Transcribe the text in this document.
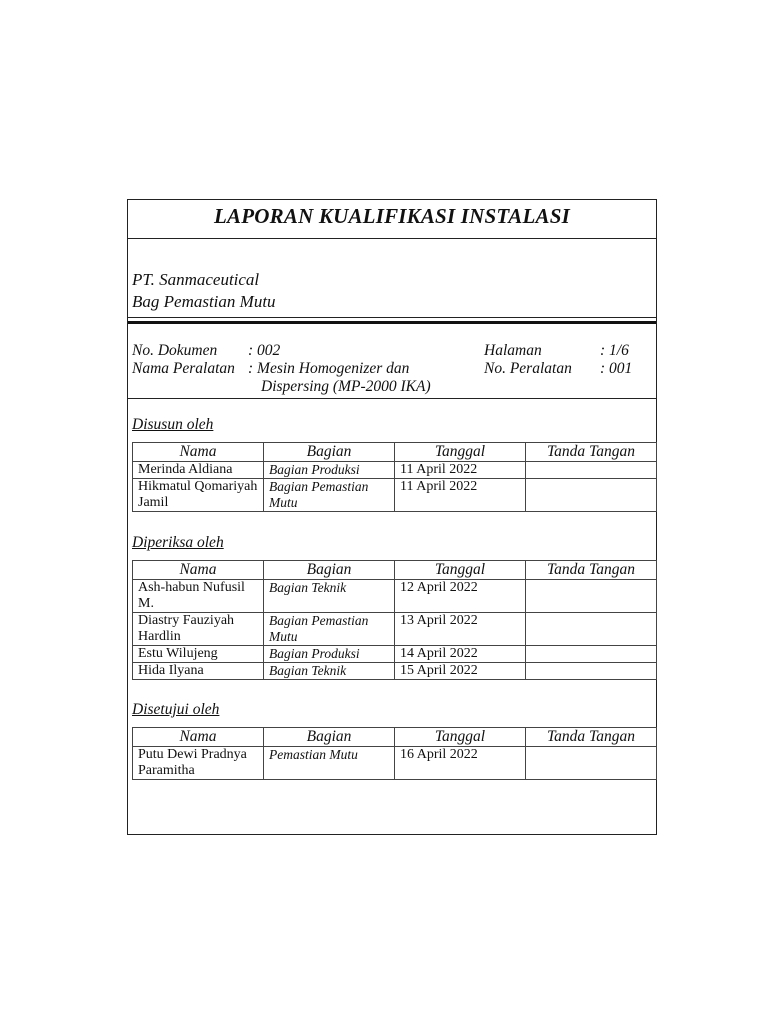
LAPORAN KUALIFIKASI INSTALASI
PT. Sanmaceutical
Bag Pemastian Mutu
No. Dokumen : 002
Nama Peralatan : Mesin Homogenizer dan
Dispersing (MP-2000 IKA)
Halaman	: 1/6
No. Peralatan : 001
Disusun oleh
Nama	Bagian	Tanggal	Tanda Tangan
Merinda Aldiana	Bagian Produksi	11 April 2022	
Hikmatul Qomariyah Jamil	Bagian Pemastian Mutu	11 April 2022	
Diperiksa oleh
Nama	Bagian	Tanggal	Tanda Tangan
Ash-habun Nufusil M.	Bagian Teknik	12 April 2022	
Diastry Fauziyah Hardlin	Bagian Pemastian Mutu	13 April 2022	
Estu Wilujeng	Bagian Produksi	14 April 2022	
Hida Ilyana	Bagian Teknik	15 April 2022	
Disetujui oleh
Nama	Bagian	Tanggal	Tanda Tangan
Putu Dewi Pradnya Paramitha	Pemastian Mutu	16 April 2022	
